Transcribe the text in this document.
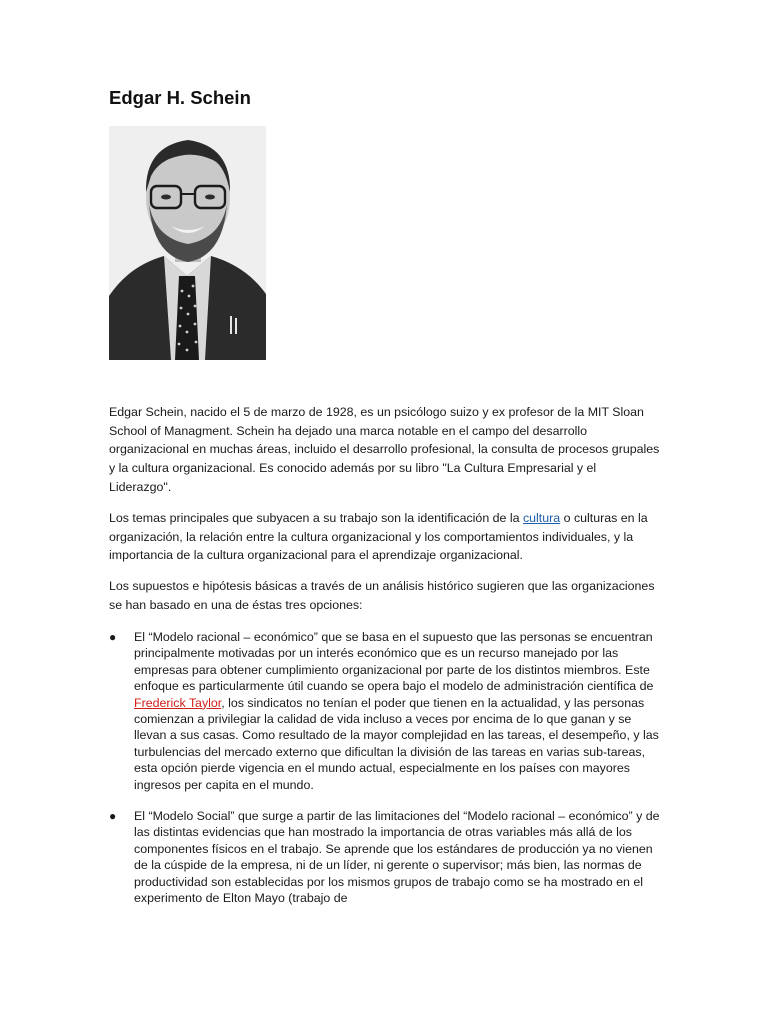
Edgar H. Schein

Edgar Schein, nacido el 5 de marzo de 1928, es un psicólogo suizo y ex profesor de la MIT Sloan School of Managment. Schein ha dejado una marca notable en el campo del desarrollo organizacional en muchas áreas, incluido el desarrollo profesional, la consulta de procesos grupales y la cultura organizacional. Es conocido además por su libro "La Cultura Empresarial y el Liderazgo".

Los temas principales que subyacen a su trabajo son la identificación de la cultura o culturas en la organización, la relación entre la cultura organizacional y los comportamientos individuales, y la importancia de la cultura organizacional para el aprendizaje organizacional.

Los supuestos e hipótesis básicas a través de un análisis histórico sugieren que las organizaciones se han basado en una de éstas tres opciones:

● El “Modelo racional – económico” que se basa en el supuesto que las personas se encuentran principalmente motivadas por un interés económico que es un recurso manejado por las empresas para obtener cumplimiento organizacional por parte de los distintos miembros. Este enfoque es particularmente útil cuando se opera bajo el modelo de administración científica de Frederick Taylor, los sindicatos no tenían el poder que tienen en la actualidad, y las personas comienzan a privilegiar la calidad de vida incluso a veces por encima de lo que ganan y se llevan a sus casas. Como resultado de la mayor complejidad en las tareas, el desempeño, y las turbulencias del mercado externo que dificultan la división de las tareas en varias sub-tareas, esta opción pierde vigencia en el mundo actual, especialmente en los países con mayores ingresos per capita en el mundo.
● El “Modelo Social” que surge a partir de las limitaciones del “Modelo racional – económico” y de las distintas evidencias que han mostrado la importancia de otras variables más allá de los componentes físicos en el trabajo. Se aprende que los estándares de producción ya no vienen de la cúspide de la empresa, ni de un líder, ni gerente o supervisor; más bien, las normas de productividad son establecidas por los mismos grupos de trabajo como se ha mostrado en el experimento de Elton Mayo (trabajo de
